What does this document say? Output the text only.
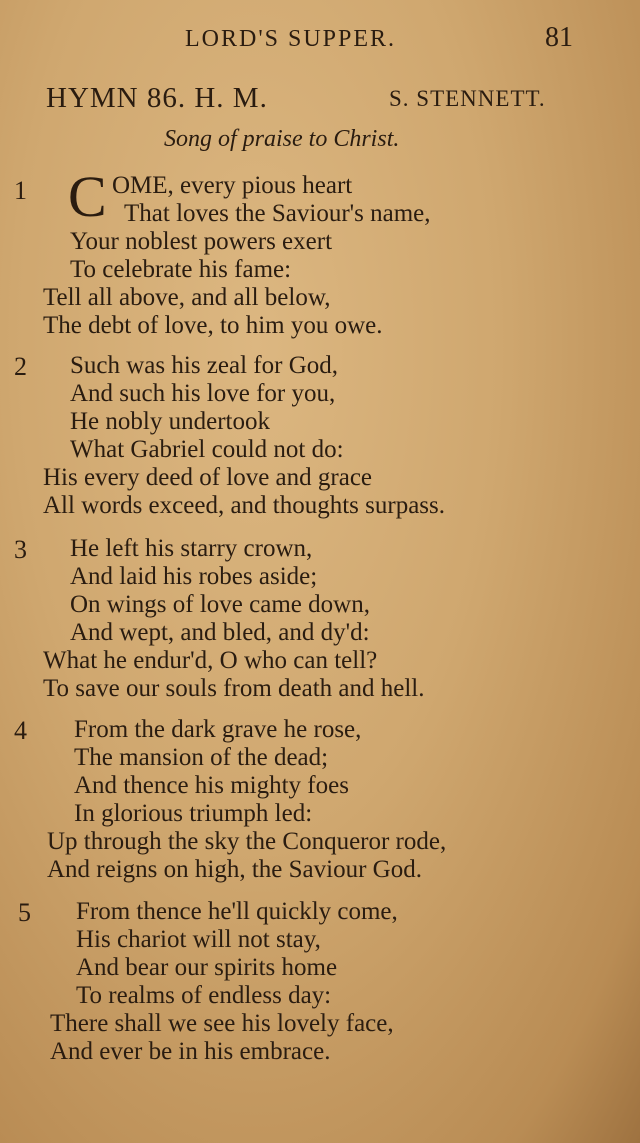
LORD'S SUPPER.	81
HYMN 86. H. M.	S. STENNETT.
Song of praise to Christ.
1 C OME, every pious heart
That loves the Saviour's name,
Your noblest powers exert
To celebrate his fame:
Tell all above, and all below,
The debt of love, to him you owe.
2 Such was his zeal for God,
And such his love for you,
He nobly undertook
What Gabriel could not do:
His every deed of love and grace
All words exceed, and thoughts surpass.
3 He left his starry crown,
And laid his robes aside;
On wings of love came down,
And wept, and bled, and dy'd:
What he endur'd, O who can tell?
To save our souls from death and hell.
4 From the dark grave he rose,
The mansion of the dead;
And thence his mighty foes
In glorious triumph led:
Up through the sky the Conqueror rode,
And reigns on high, the Saviour God.
5 From thence he'll quickly come,
His chariot will not stay,
And bear our spirits home
To realms of endless day:
There shall we see his lovely face,
And ever be in his embrace.
